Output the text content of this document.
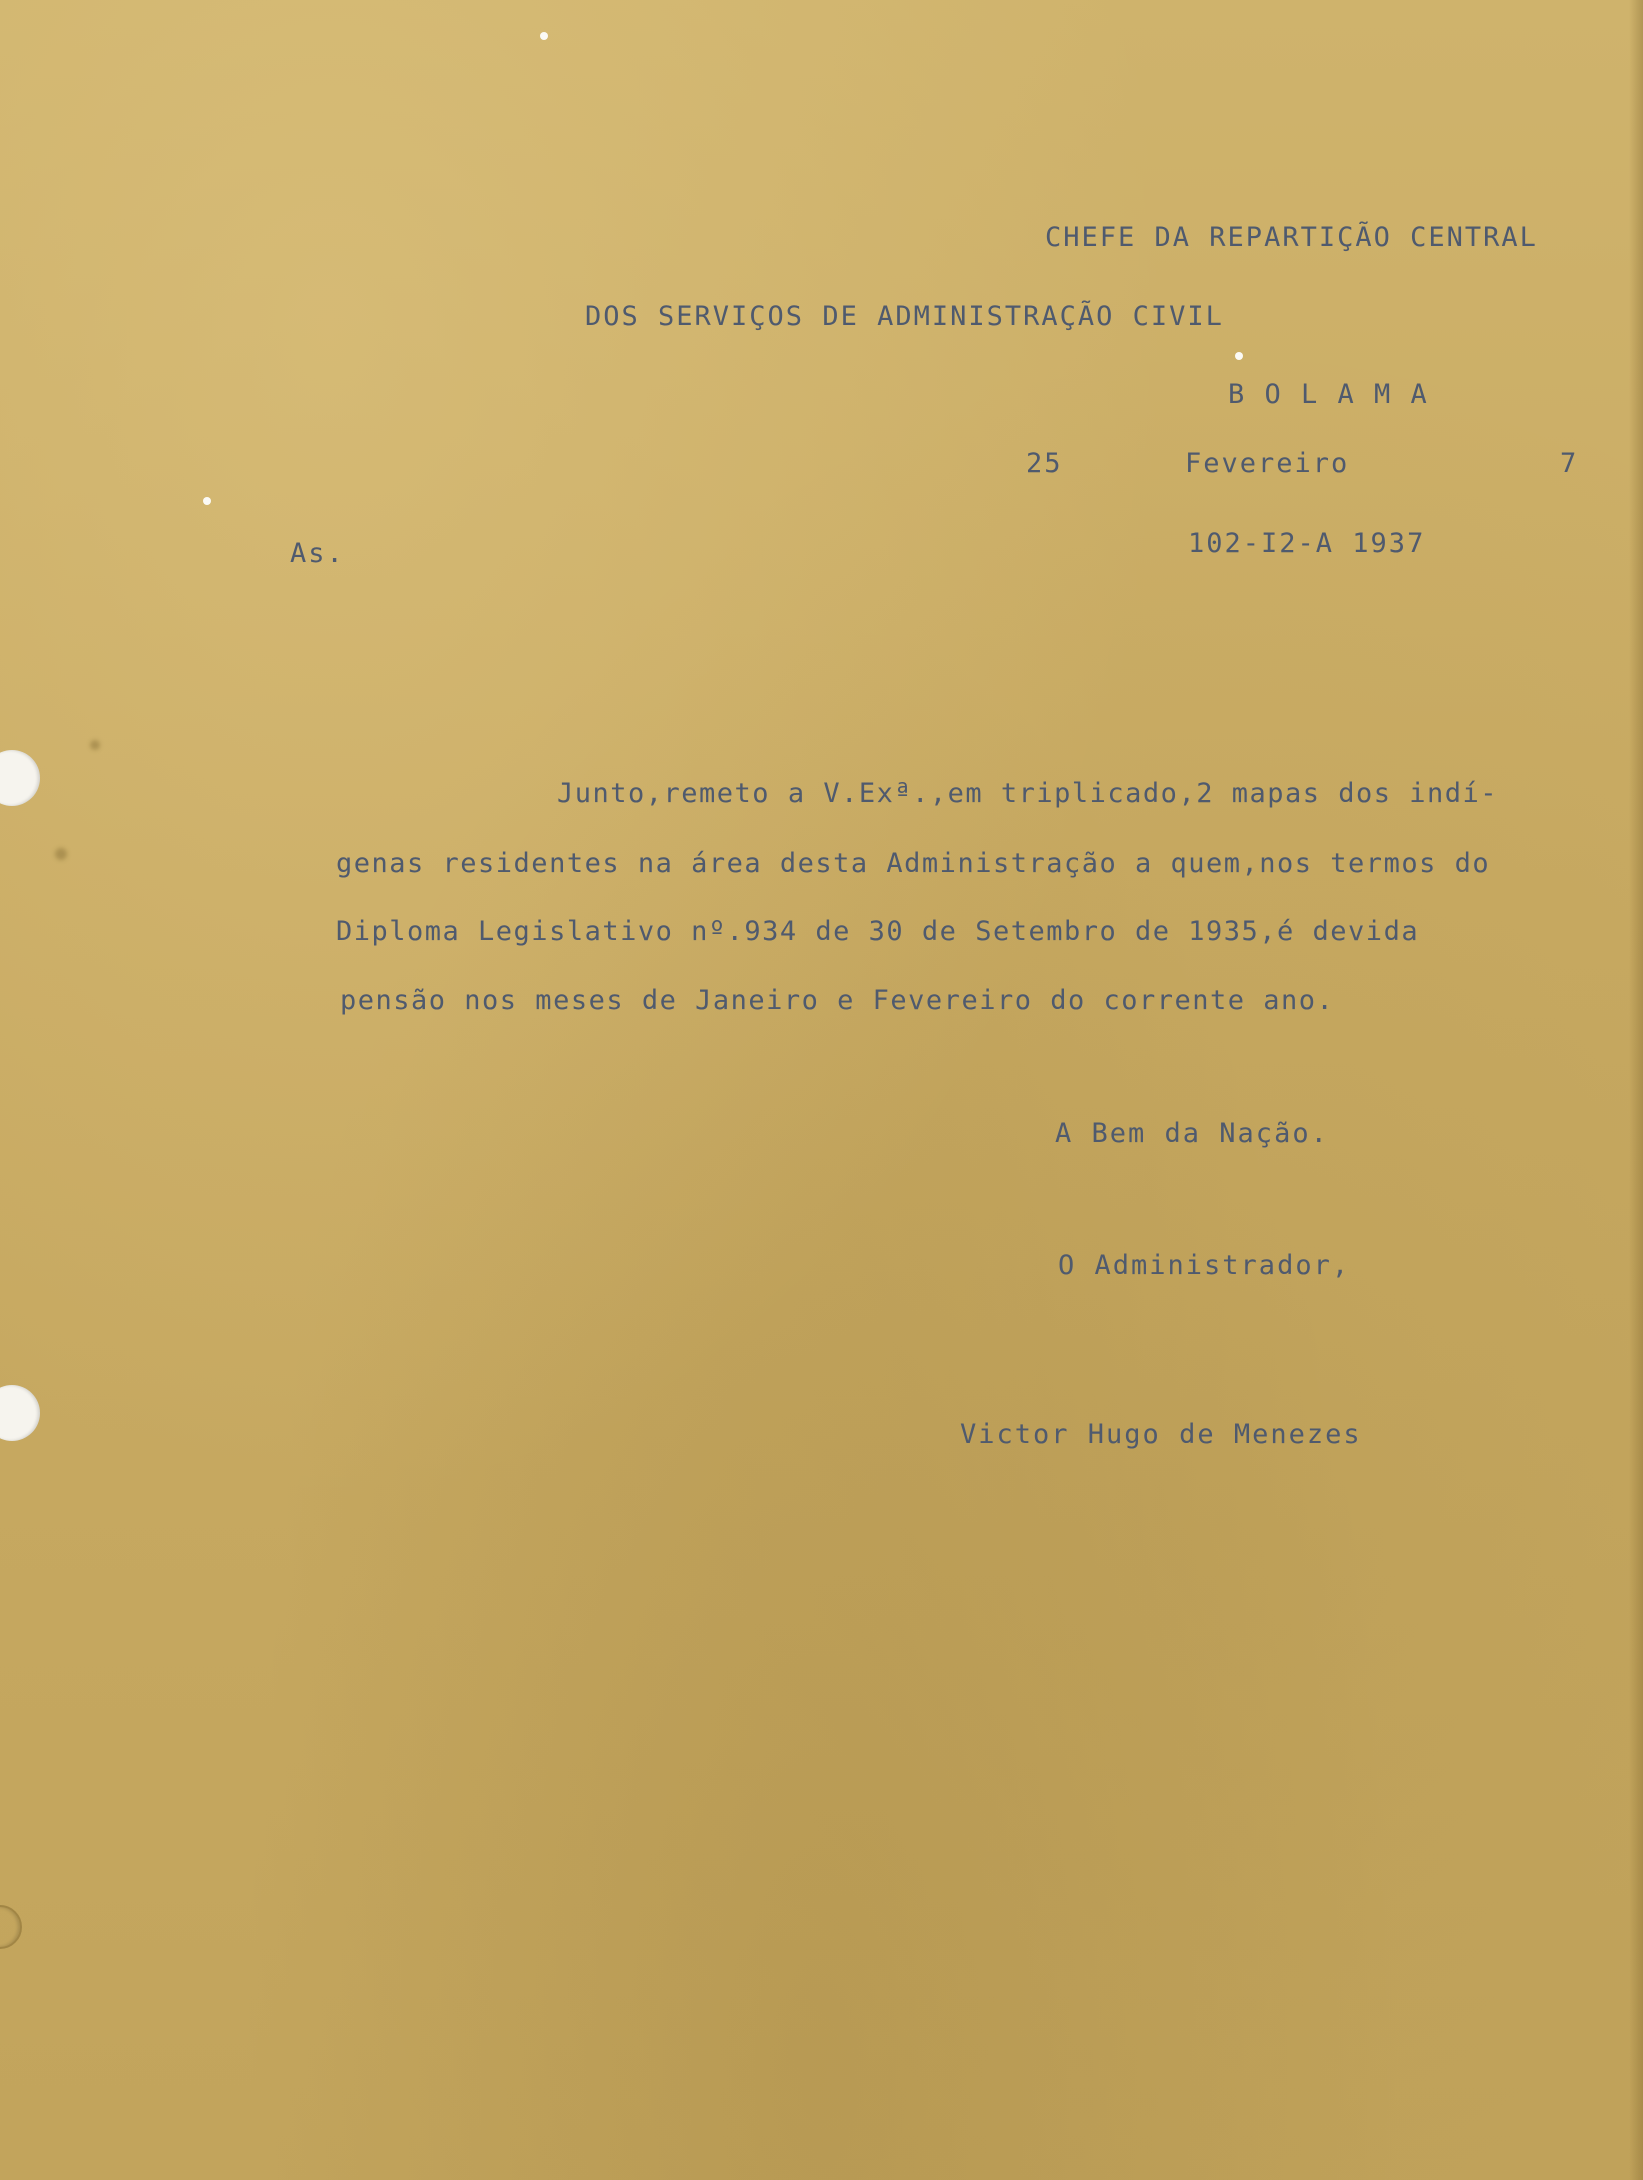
CHEFE DA REPARTIÇÃO CENTRAL
DOS SERVIÇOS DE ADMINISTRAÇÃO CIVIL
B O L A M A
25	Fevereiro	7
102-I2-A 1937
As.
Junto,remeto a V.Exª.,em triplicado,2 mapas dos indí-
genas residentes na área desta Administração a quem,nos termos do
Diploma Legislativo nº.934 de 30 de Setembro de 1935,é devida
pensão nos meses de Janeiro e Fevereiro do corrente ano.
A Bem da Nação.
O Administrador,
Victor Hugo de Menezes
